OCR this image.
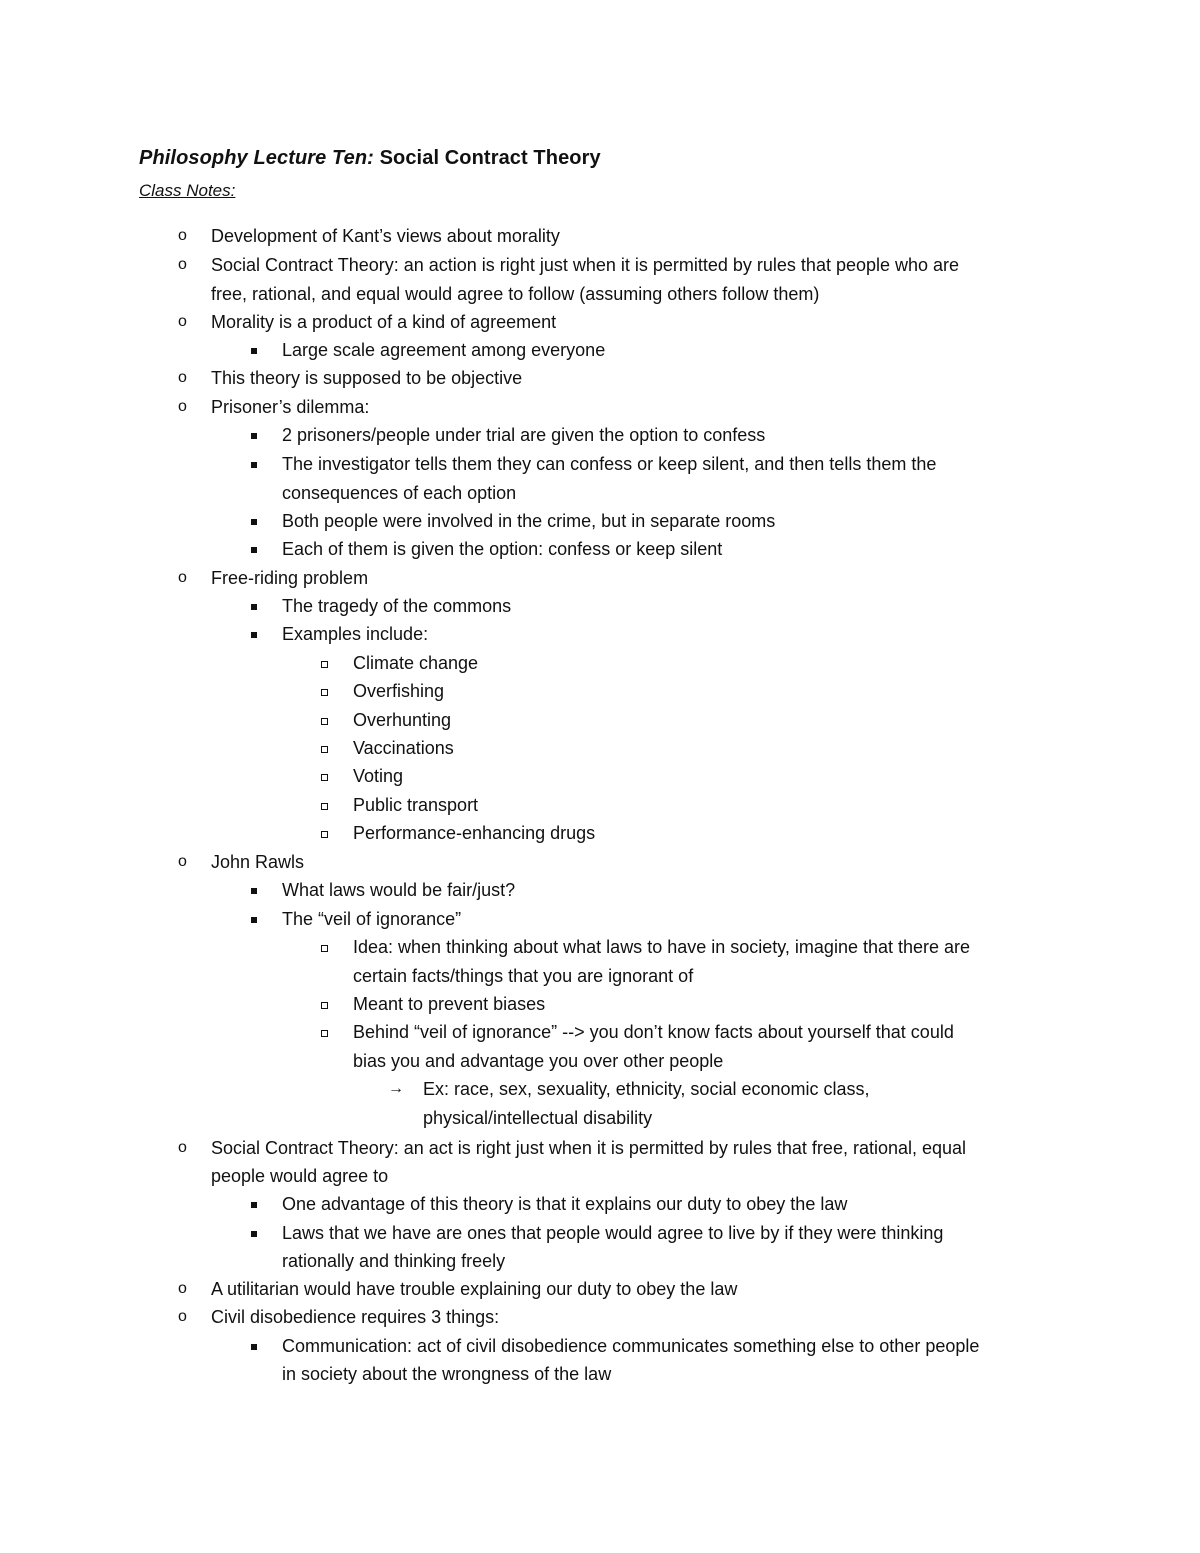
Philosophy Lecture Ten: Social Contract Theory
Class Notes:
o Development of Kant’s views about morality
o Social Contract Theory: an action is right just when it is permitted by rules that people who are
free, rational, and equal would agree to follow (assuming others follow them)
o Morality is a product of a kind of agreement
Large scale agreement among everyone
o This theory is supposed to be objective
o Prisoner’s dilemma:
2 prisoners/people under trial are given the option to confess
The investigator tells them they can confess or keep silent, and then tells them the
consequences of each option
Both people were involved in the crime, but in separate rooms
Each of them is given the option: confess or keep silent
o Free-riding problem
The tragedy of the commons
Examples include:
Climate change
Overfishing
Overhunting
Vaccinations
Voting
Public transport
Performance-enhancing drugs
o John Rawls
What laws would be fair/just?
The “veil of ignorance”
Idea: when thinking about what laws to have in society, imagine that there are
certain facts/things that you are ignorant of
Meant to prevent biases
Behind “veil of ignorance” --> you don’t know facts about yourself that could
bias you and advantage you over other people
→ Ex: race, sex, sexuality, ethnicity, social economic class,
physical/intellectual disability
o Social Contract Theory: an act is right just when it is permitted by rules that free, rational, equal
people would agree to
One advantage of this theory is that it explains our duty to obey the law
Laws that we have are ones that people would agree to live by if they were thinking
rationally and thinking freely
o A utilitarian would have trouble explaining our duty to obey the law
o Civil disobedience requires 3 things:
Communication: act of civil disobedience communicates something else to other people
in society about the wrongness of the law
